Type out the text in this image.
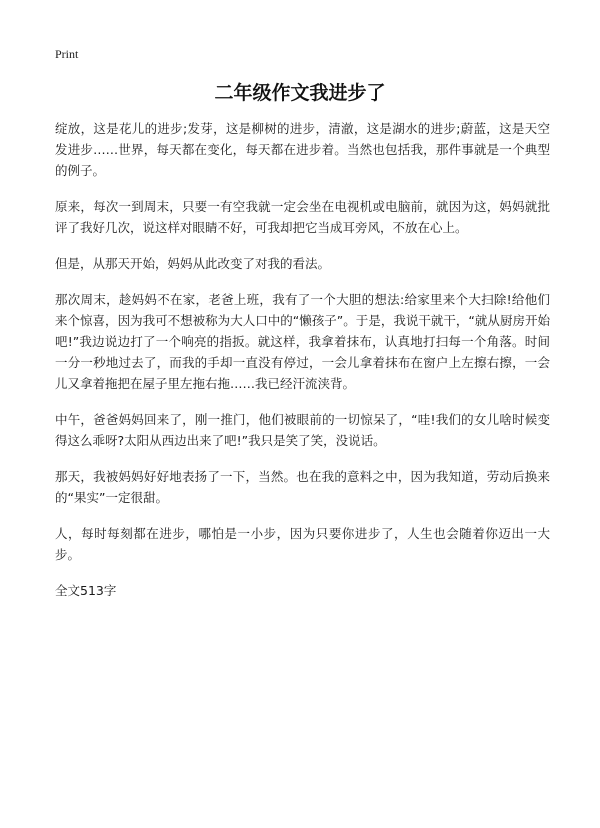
Print
二年级作文我进步了

绽放，这是花儿的进步;发芽，这是柳树的进步，清澈，这是湖水的进步;蔚蓝，这是天空发进步……世界，每天都在变化，每天都在进步着。当然也包括我，那件事就是一个典型的例子。

原来，每次一到周末，只要一有空我就一定会坐在电视机或电脑前，就因为这，妈妈就批评了我好几次，说这样对眼睛不好，可我却把它当成耳旁风，不放在心上。

但是，从那天开始，妈妈从此改变了对我的看法。

那次周末，趁妈妈不在家，老爸上班，我有了一个大胆的想法:给家里来个大扫除!给他们来个惊喜，因为我可不想被称为大人口中的“懒孩子”。于是，我说干就干，“就从厨房开始吧!”我边说边打了一个响亮的指扳。就这样，我拿着抹布，认真地打扫每一个角落。时间一分一秒地过去了，而我的手却一直没有停过，一会儿拿着抹布在窗户上左擦右擦，一会儿又拿着拖把在屋子里左拖右拖……我已经汗流浃背。

中午，爸爸妈妈回来了，刚一推门，他们被眼前的一切惊呆了，“哇!我们的女儿啥时候变得这么乖呀?太阳从西边出来了吧!”我只是笑了笑，没说话。

那天，我被妈妈好好地表扬了一下，当然。也在我的意料之中，因为我知道，劳动后换来的“果实”一定很甜。

人，每时每刻都在进步，哪怕是一小步，因为只要你进步了，人生也会随着你迈出一大步。

全文513字
